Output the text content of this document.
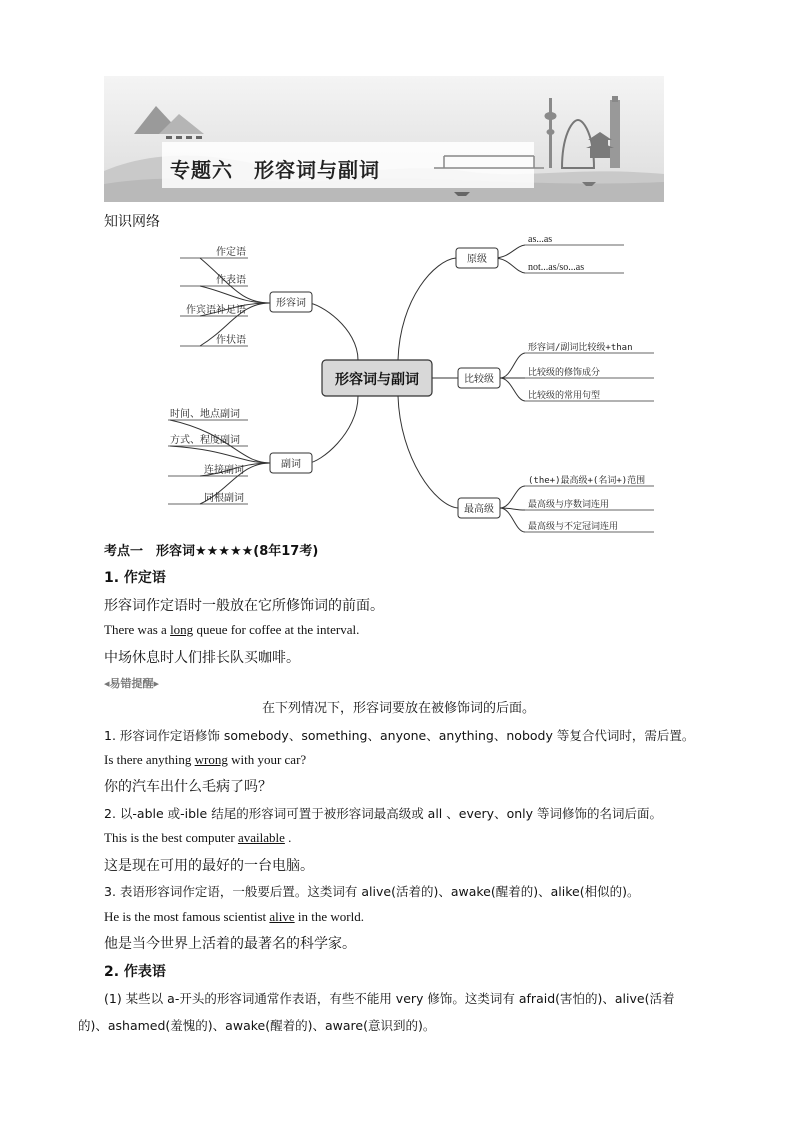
专题六　形容词与副词
知识网络
形容词与副词
形容词
副词
原级
比较级
最高级
作定语
作表语
作宾语补足语
作状语
时间、地点副词
方式、程度副词
连接副词
同根副词
as...as
not...as/so...as
形容词/副词比较级+than
比较级的修饰成分
比较级的常用句型
(the+)最高级+(名词+)范围
最高级与序数词连用
最高级与不定冠词连用
考点一　形容词★★★★★(8年17考)
1. 作定语
形容词作定语时一般放在它所修饰词的前面。
There was a long queue for coffee at the interval.
中场休息时人们排长队买咖啡。
◂易错提醒▸
在下列情况下，形容词要放在被修饰词的后面。
1. 形容词作定语修饰 somebody、something、anyone、anything、nobody 等复合代词时，需后置。
Is there anything wrong with your car?
你的汽车出什么毛病了吗？
2. 以-able 或-ible 结尾的形容词可置于被形容词最高级或 all 、every、only 等词修饰的名词后面。
This is the best computer available .
这是现在可用的最好的一台电脑。
3. 表语形容词作定语，一般要后置。这类词有 alive(活着的)、awake(醒着的)、alike(相似的)。
He is the most famous scientist alive in the world.
他是当今世界上活着的最著名的科学家。
2. 作表语
(1) 某些以 a-开头的形容词通常作表语，有些不能用 very 修饰。这类词有 afraid(害怕的)、alive(活着
的)、ashamed(羞愧的)、awake(醒着的)、aware(意识到的)。
